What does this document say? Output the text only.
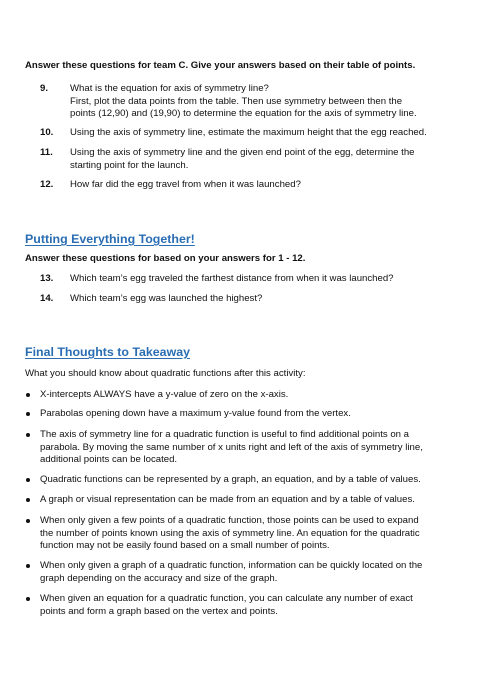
Answer these questions for team C. Give your answers based on their table of points.
9.	What is the equation for axis of symmetry line?
First, plot the data points from the table. Then use symmetry between then the
points (12,90) and (19,90) to determine the equation for the axis of symmetry line.
10.	Using the axis of symmetry line, estimate the maximum height that the egg reached.
11.	Using the axis of symmetry line and the given end point of the egg, determine the
starting point for the launch.
12.	How far did the egg travel from when it was launched?
Putting Everything Together!
Answer these questions for based on your answers for 1 - 12.
13.	Which team’s egg traveled the farthest distance from when it was launched?
14.	Which team’s egg was launched the highest?
Final Thoughts to Takeaway
What you should know about quadratic functions after this activity:
X-intercepts ALWAYS have a y-value of zero on the x-axis.
Parabolas opening down have a maximum y-value found from the vertex.
The axis of symmetry line for a quadratic function is useful to find additional points on a
parabola. By moving the same number of x units right and left of the axis of symmetry line,
additional points can be located.
Quadratic functions can be represented by a graph, an equation, and by a table of values.
A graph or visual representation can be made from an equation and by a table of values.
When only given a few points of a quadratic function, those points can be used to expand
the number of points known using the axis of symmetry line. An equation for the quadratic
function may not be easily found based on a small number of points.
When only given a graph of a quadratic function, information can be quickly located on the
graph depending on the accuracy and size of the graph.
When given an equation for a quadratic function, you can calculate any number of exact
points and form a graph based on the vertex and points.
